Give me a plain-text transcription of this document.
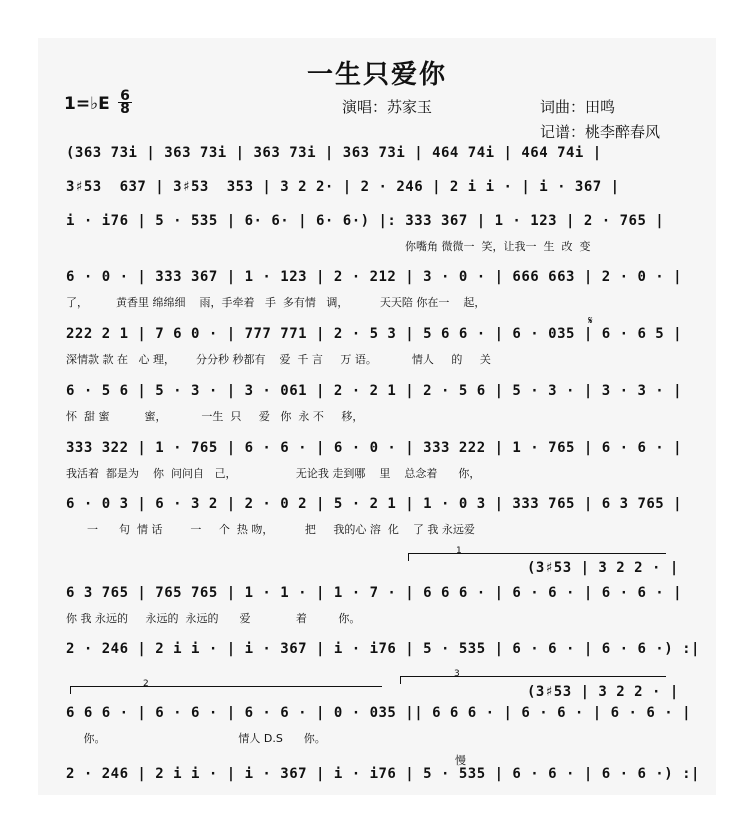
一生只爱你
1=♭E $\frac{6}{8}$	演唱：苏家玉	词曲：田鸣
记谱：桃李醉春风
(363 73i | 363 73i | 363 73i | 363 73i | 464 74i | 464 74i |
3♯53  637 | 3♯53  353 | 3 2 2· | 2 · 246 | 2 i i · | i · 367 |
i · i76 | 5 · 535 | 6· 6· | 6· 6·) |: 333 367 | 1 · 123 | 2 · 765 |
你嘴角 微微一  笑，让我一  生  改  变
6 · 0 · | 333 367 | 1 · 123 | 2 · 212 | 3 · 0 · | 666 663 | 2 · 0 · |
了，        黄香里 绵绵细    雨，手牵着   手  多有情   调，         天天陪 你在一    起，
222 2 1 | 7 6 0 · | 777 771 | 2 · 5 3 | 5 6 6 · | 6 · 035 | 6 · 6 5 |
𝄋
深情款 款 在   心 理，      分分秒 秒都有    爱  千 言     万 语。          情人     的     关
6 · 5 6 | 5 · 3 · | 3 · 061 | 2 · 2 1 | 2 · 5 6 | 5 · 3 · | 3 · 3 · |
怀  甜 蜜          蜜，          一生  只     爱   你  永 不     移，
333 322 | 1 · 765 | 6 · 6 · | 6 · 0 · | 333 222 | 1 · 765 | 6 · 6 · |
我活着  都是为    你  问问自   己，                 无论我 走到哪    里    总念着      你，
6 · 0 3 | 6 · 3 2 | 2 · 0 2 | 5 · 2 1 | 1 · 0 3 | 333 765 | 6 3 765 |
一      句  情 话        一     个  热 吻，         把     我的心 溶  化    了 我 永远爱
1
(3♯53 | 3 2 2 · |
6 3 765 | 765 765 | 1 · 1 · | 1 · 7 · | 6 6 6 · | 6 · 6 · | 6 · 6 · |
你 我 永远的     永远的  永远的      爱             着         你。
2 · 246 | 2 i i · | i · 367 | i · i76 | 5 · 535 | 6 · 6 · | 6 · 6 ·) :|
2
3
(3♯53 | 3 2 2 · |
6 6 6 · | 6 · 6 · | 6 · 6 · | 0 · 035 || 6 6 6 · | 6 · 6 · | 6 · 6 · |
你。                                      情人 D.S      你。
慢
2 · 246 | 2 i i · | i · 367 | i · i76 | 5 · 535 | 6 · 6 · | 6 · 6 ·) :|
